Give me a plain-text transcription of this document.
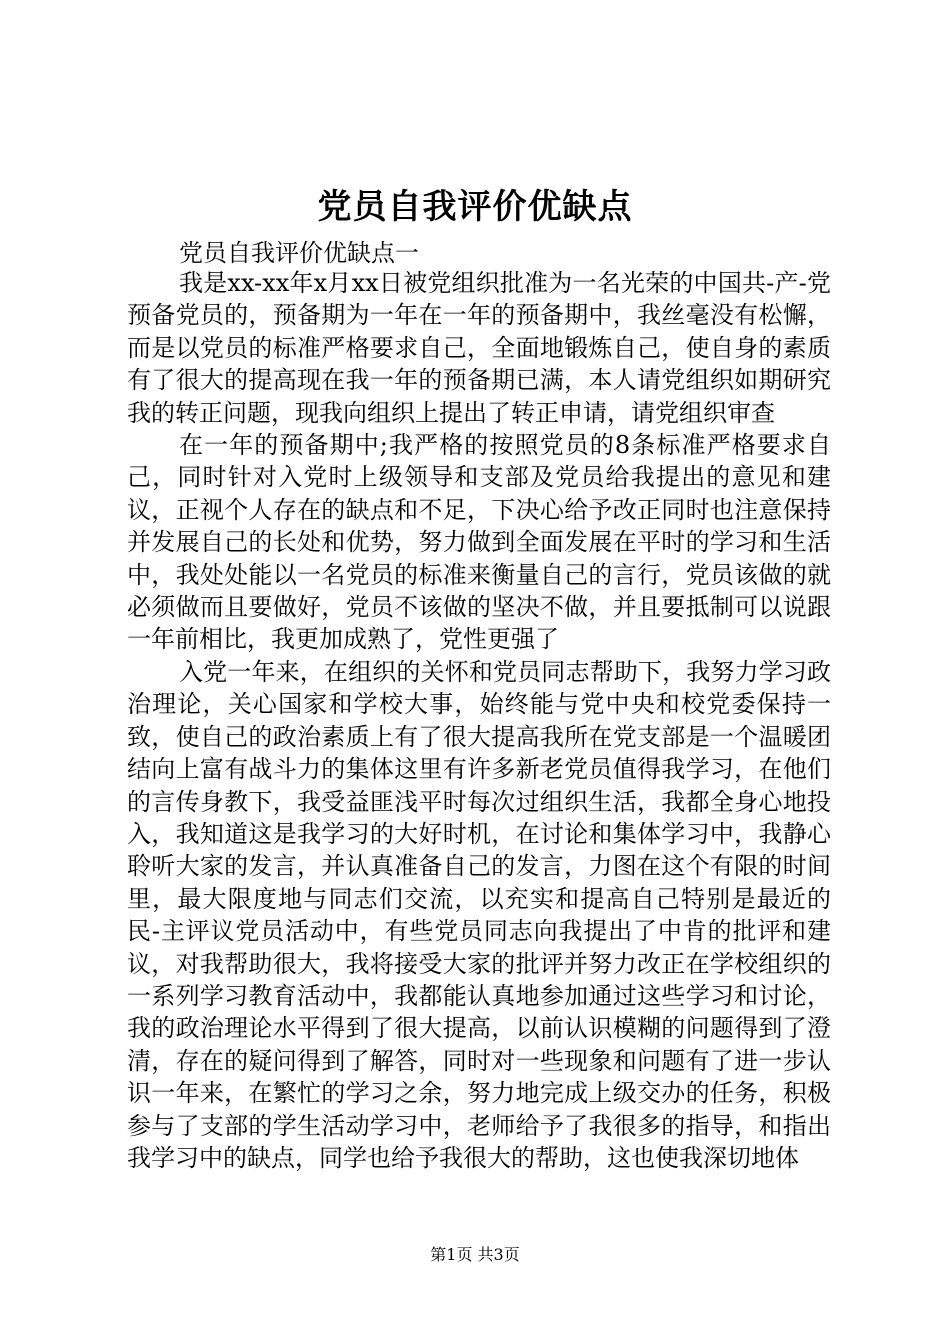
党员自我评价优缺点
党员自我评价优缺点一

我是xx-xx年x月xx日被党组织批准为一名光荣的中国共-产-党预备党员的，预备期为一年在一年的预备期中，我丝毫没有松懈，而是以党员的标准严格要求自己，全面地锻炼自己，使自身的素质有了很大的提高现在我一年的预备期已满，本人请党组织如期研究我的转正问题，现我向组织上提出了转正申请，请党组织审查

在一年的预备期中;我严格的按照党员的8条标准严格要求自己，同时针对入党时上级领导和支部及党员给我提出的意见和建议，正视个人存在的缺点和不足，下决心给予改正同时也注意保持并发展自己的长处和优势，努力做到全面发展在平时的学习和生活中，我处处能以一名党员的标准来衡量自己的言行，党员该做的就必须做而且要做好，党员不该做的坚决不做，并且要抵制可以说跟一年前相比，我更加成熟了，党性更强了

入党一年来，在组织的关怀和党员同志帮助下，我努力学习政治理论，关心国家和学校大事，始终能与党中央和校党委保持一致，使自己的政治素质上有了很大提高我所在党支部是一个温暖团结向上富有战斗力的集体这里有许多新老党员值得我学习，在他们的言传身教下，我受益匪浅平时每次过组织生活，我都全身心地投入，我知道这是我学习的大好时机，在讨论和集体学习中，我静心聆听大家的发言，并认真准备自己的发言，力图在这个有限的时间里，最大限度地与同志们交流，以充实和提高自己特别是最近的民-主评议党员活动中，有些党员同志向我提出了中肯的批评和建议，对我帮助很大，我将接受大家的批评并努力改正在学校组织的一系列学习教育活动中，我都能认真地参加通过这些学习和讨论，我的政治理论水平得到了很大提高，以前认识模糊的问题得到了澄清，存在的疑问得到了解答，同时对一些现象和问题有了进一步认识一年来，在繁忙的学习之余，努力地完成上级交办的任务，积极参与了支部的学生活动学习中，老师给予了我很多的指导，和指出我学习中的缺点，同学也给予我很大的帮助，这也使我深切地体

第1页 共3页
